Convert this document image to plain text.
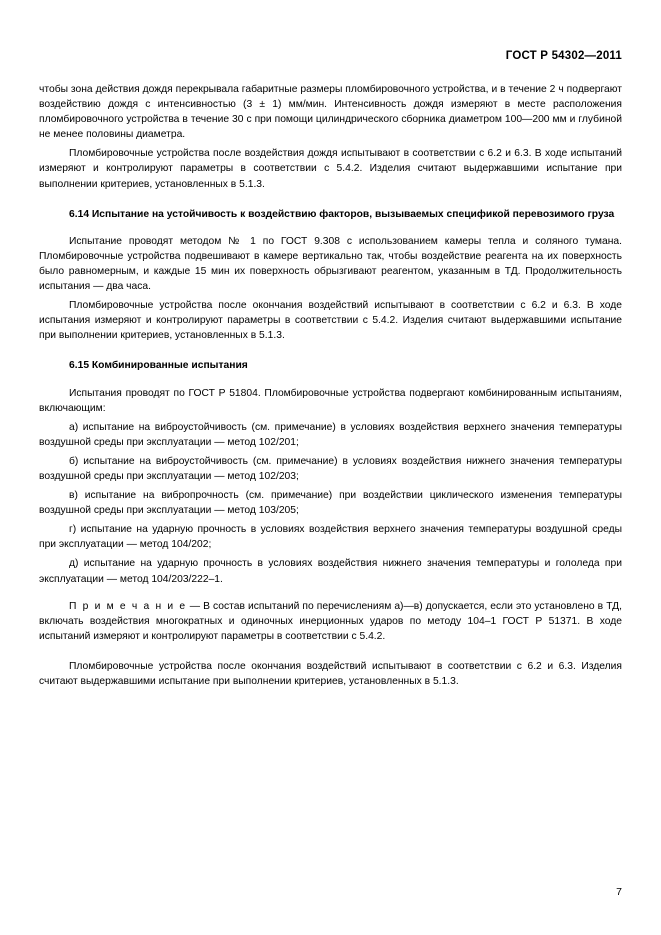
ГОСТ Р 54302—2011

чтобы зона действия дождя перекрывала габаритные размеры пломбировочного устройства, и в течение 2 ч подвергают воздействию дождя с интенсивностью (3 ± 1) мм/мин. Интенсивность дождя измеряют в месте расположения пломбировочного устройства в течение 30 с при помощи цилиндрического сборника диаметром 100—200 мм и глубиной не менее половины диаметра.

Пломбировочные устройства после воздействия дождя испытывают в соответствии с 6.2 и 6.3. В ходе испытаний измеряют и контролируют параметры в соответствии с 5.4.2. Изделия считают выдержавшими испытание при выполнении критериев, установленных в 5.1.3.

6.14 Испытание на устойчивость к воздействию факторов, вызываемых спецификой перевозимого груза

Испытание проводят методом № 1 по ГОСТ 9.308 с использованием камеры тепла и соляного тумана. Пломбировочные устройства подвешивают в камере вертикально так, чтобы воздействие реагента на их поверхность было равномерным, и каждые 15 мин их поверхность обрызгивают реагентом, указанным в ТД. Продолжительность испытания — два часа.

Пломбировочные устройства после окончания воздействий испытывают в соответствии с 6.2 и 6.3. В ходе испытания измеряют и контролируют параметры в соответствии с 5.4.2. Изделия считают выдержавшими испытание при выполнении критериев, установленных в 5.1.3.

6.15 Комбинированные испытания

Испытания проводят по ГОСТ Р 51804. Пломбировочные устройства подвергают комбинированным испытаниям, включающим:

а) испытание на виброустойчивость (см. примечание) в условиях воздействия верхнего значения температуры воздушной среды при эксплуатации — метод 102/201;

б) испытание на виброустойчивость (см. примечание) в условиях воздействия нижнего значения температуры воздушной среды при эксплуатации — метод 102/203;

в) испытание на вибропрочность (см. примечание) при воздействии циклического изменения температуры воздушной среды при эксплуатации — метод 103/205;

г) испытание на ударную прочность в условиях воздействия верхнего значения температуры воздушной среды при эксплуатации — метод 104/202;

д) испытание на ударную прочность в условиях воздействия нижнего значения температуры и гололеда при эксплуатации — метод 104/203/222–1.

П р и м е ч а н и е — В состав испытаний по перечислениям а)—в) допускается, если это установлено в ТД, включать воздействия многократных и одиночных инерционных ударов по методу 104–1 ГОСТ Р 51371. В ходе испытаний измеряют и контролируют параметры в соответствии с 5.4.2.

Пломбировочные устройства после окончания воздействий испытывают в соответствии с 6.2 и 6.3. Изделия считают выдержавшими испытание при выполнении критериев, установленных в 5.1.3.

7
